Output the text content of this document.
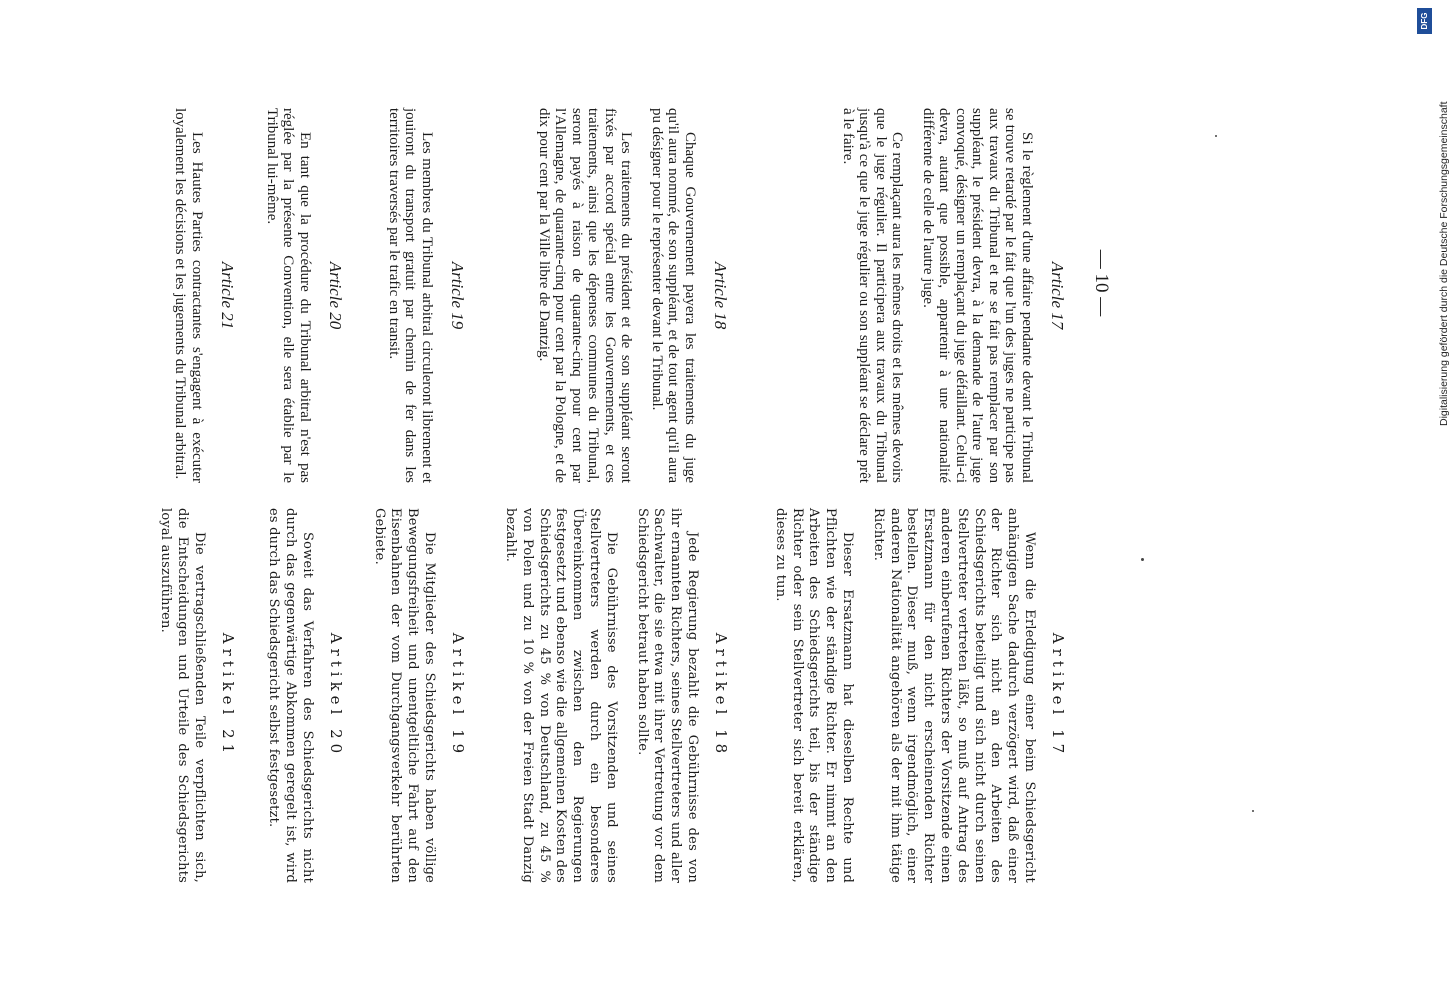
— 10 —
Article 17

Si le règlement d'une affaire pendante devant le Tribunal se trouve retardé par le fait que l'un des juges ne participe pas aux travaux du Tribunal et ne se fait pas remplacer par son suppléant, le président devra, à la demande de l'autre juge convoqué, désigner un remplaçant du juge défaillant. Celui-ci devra, autant que possible, appartenir à une nationalité différente de celle de l'autre juge.

Ce remplaçant aura les mêmes droits et les mêmes devoirs que le juge régulier. Il participera aux travaux du Tribunal jusqu'à ce que le juge régulier ou son suppléant se déclare prêt à le faire.

Article 18

Chaque Gouvernement payera les traitements du juge qu'il aura nommé, de son suppléant, et de tout agent qu'il aura pu désigner pour le représenter devant le Tribunal.

Les traitements du président et de son suppléant seront fixés par accord spécial entre les Gouvernements, et ces traitements, ainsi que les dépenses communes du Tribunal, seront payés à raison de quarante-cinq pour cent par l'Allemagne, de quarante-cinq pour cent par la Pologne, et de dix pour cent par la Ville libre de Dantzig.

Article 19

Les membres du Tribunal arbitral circuleront librement et jouiront du transport gratuit par chemin de fer dans les territoires traversés par le trafic en transit.

Article 20

En tant que la procédure du Tribunal arbitral n'est pas réglée par la présente Convention, elle sera établie par le Tribunal lui-même.

Article 21

Les Hautes Parties contractantes s'engagent à exécuter loyalement les décisions et les jugements du Tribunal arbitral.

Artikel 17

Wenn die Erledigung einer beim Schiedsgericht anhängigen Sache dadurch verzögert wird, daß einer der Richter sich nicht an den Arbeiten des Schiedsgerichts beteiligt und sich nicht durch seinen Stellvertreter vertreten läßt, so muß auf Antrag des anderen einberufenen Richters der Vorsitzende einen Ersatzmann für den nicht erscheinenden Richter bestellen. Dieser muß, wenn irgendmöglich, einer anderen Nationalität angehören als der mit ihm tätige Richter.

Dieser Ersatzmann hat dieselben Rechte und Pflichten wie der ständige Richter. Er nimmt an den Arbeiten des Schiedsgerichts teil, bis der ständige Richter oder sein Stellvertreter sich bereit erklären, dieses zu tun.

Artikel 18

Jede Regierung bezahlt die Gebührnisse des von ihr ernannten Richters, seines Stellvertreters und aller Sachwalter, die sie etwa mit ihrer Vertretung vor dem Schiedsgericht betraut haben sollte.

Die Gebührnisse des Vorsitzenden und seines Stellvertreters werden durch ein besonderes Übereinkommen zwischen den Regierungen festgesetzt und ebenso wie die allgemeinen Kosten des Schiedsgerichts zu 45 % von Deutschland, zu 45 % von Polen und zu 10 % von der Freien Stadt Danzig bezahlt.

Artikel 19

Die Mitglieder des Schiedsgerichts haben völlige Bewegungsfreiheit und unentgeltliche Fahrt auf den Eisenbahnen der vom Durchgangsverkehr berührten Gebiete.

Artikel 20

Soweit das Verfahren des Schiedsgerichts nicht durch das gegenwärtige Abkommen geregelt ist, wird es durch das Schiedsgericht selbst festgesetzt.

Artikel 21

Die vertragschließenden Teile verpflichten sich, die Entscheidungen und Urteile des Schiedsgerichts loyal auszuführen.

DFG
Digitalisierung gefördert durch die Deutsche Forschungsgemeinschaft
